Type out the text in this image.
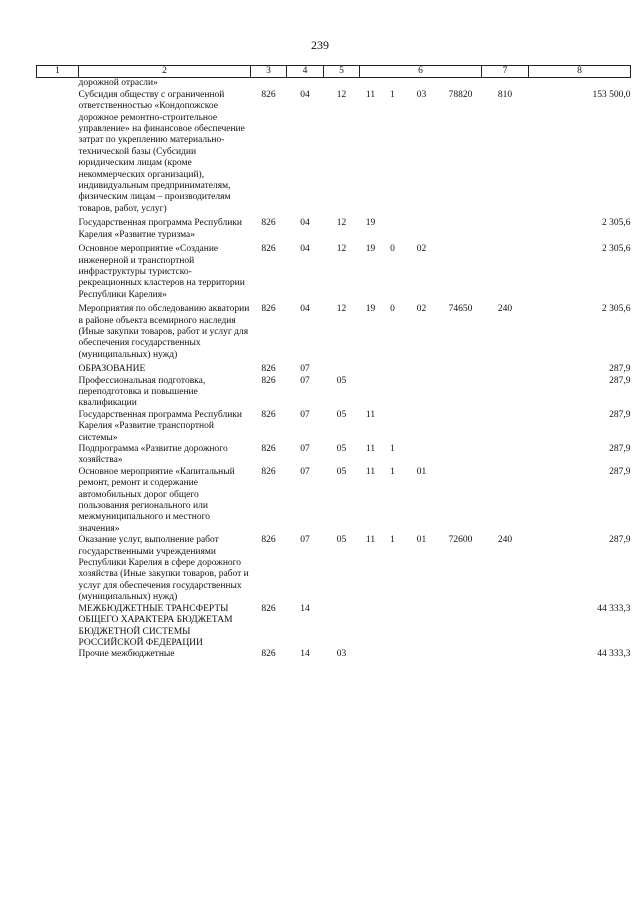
239
1	2	3	4	5	6				7	8
	дорожной отрасли»									
	Субсидия обществу с ограниченной ответственностью «Кондопожское дорожное ремонтно-строительное управление» на финансовое обеспечение затрат по укреплению материально-технической базы (Субсидии юридическим лицам (кроме некоммерческих организаций), индивидуальным предпринимателям, физическим лицам – производителям товаров, работ, услуг)	826	04	12	11	1	03	78820	810	153 500,0
	Государственная программа Республики Карелия «Развитие туризма»	826	04	12	19					2 305,6
	Основное мероприятие «Создание инженерной и транспортной инфраструктуры туристско-рекреационных кластеров на территории Республики Карелия»	826	04	12	19	0	02			2 305,6
	Мероприятия по обследованию акватории в районе объекта всемирного наследия (Иные закупки товаров, работ и услуг для обеспечения государственных (муниципальных) нужд)	826	04	12	19	0	02	74650	240	2 305,6
	ОБРАЗОВАНИЕ	826	07							287,9
	Профессиональная подготовка, переподготовка и повышение квалификации	826	07	05						287,9
	Государственная программа Республики Карелия «Развитие транспортной системы»	826	07	05	11					287,9
	Подпрограмма «Развитие дорожного хозяйства»	826	07	05	11	1				287,9
	Основное мероприятие «Капитальный ремонт, ремонт и содержание автомобильных дорог общего пользования регионального или межмуниципального и местного значения»	826	07	05	11	1	01			287,9
	Оказание услуг, выполнение работ государственными учреждениями Республики Карелия в сфере дорожного хозяйства (Иные закупки товаров, работ и услуг для обеспечения государственных (муниципальных) нужд)	826	07	05	11	1	01	72600	240	287,9
	МЕЖБЮДЖЕТНЫЕ ТРАНСФЕРТЫ ОБЩЕГО ХАРАКТЕРА БЮДЖЕТАМ БЮДЖЕТНОЙ СИСТЕМЫ РОССИЙСКОЙ ФЕДЕРАЦИИ	826	14							44 333,3
	Прочие межбюджетные	826	14	03						44 333,3
